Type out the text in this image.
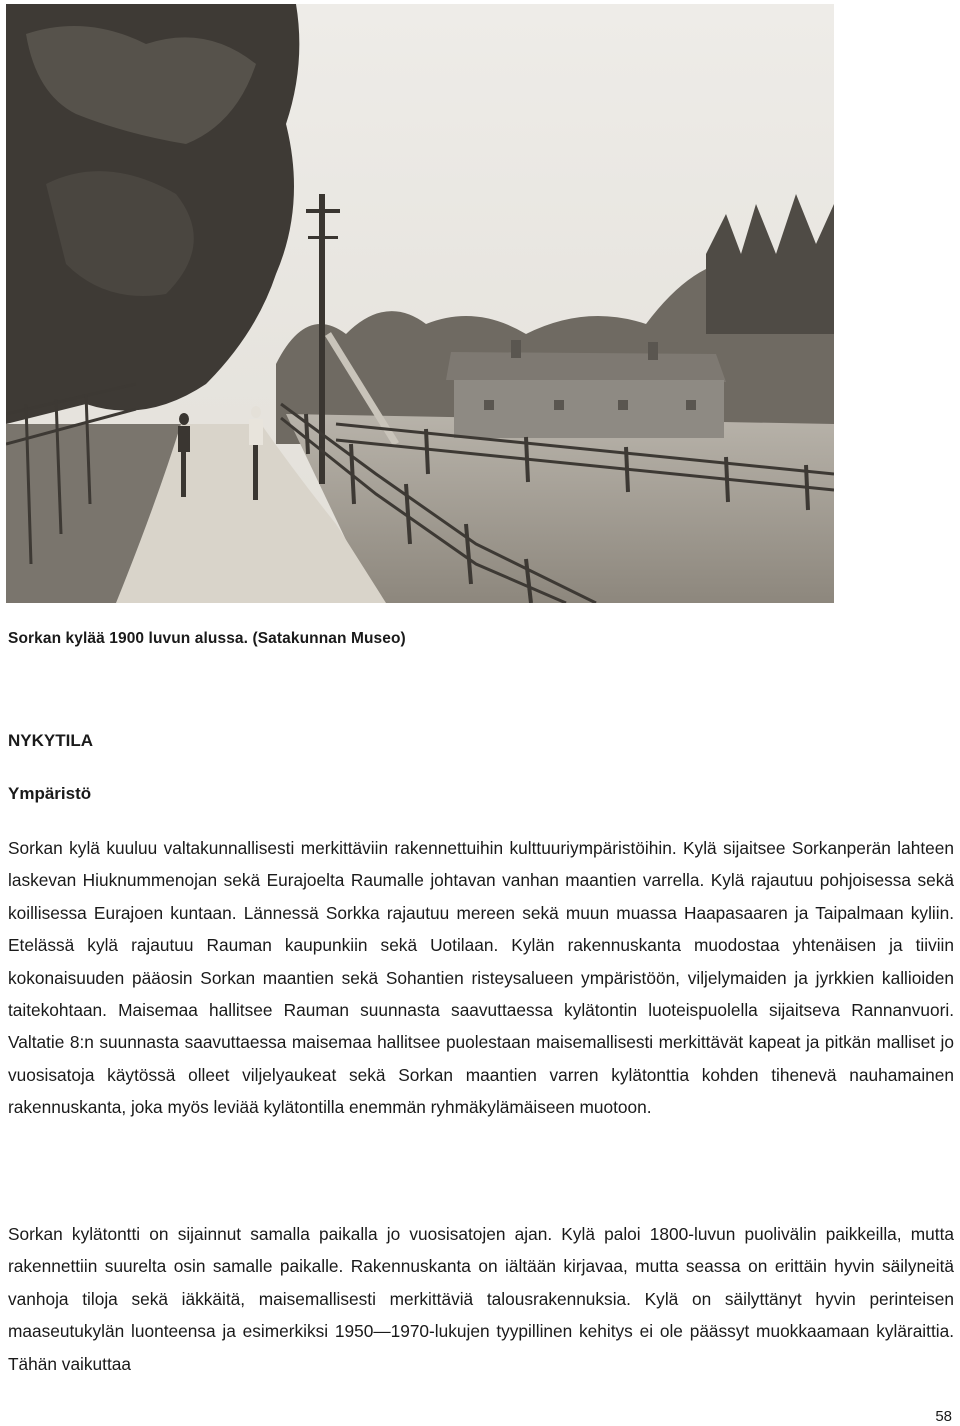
Sorkan kylää 1900 luvun alussa. (Satakunnan Museo)
NYKYTILA
Ympäristö
Sorkan kylä kuuluu valtakunnallisesti merkittäviin rakennettuihin kulttuuriympäristöihin. Kylä sijaitsee Sorkanperän lahteen laskevan Hiuknummenojan sekä Eurajoelta Raumalle johtavan vanhan maantien varrella. Kylä rajautuu pohjoisessa sekä koillisessa Eurajoen kuntaan. Lännessä Sorkka rajautuu mereen sekä muun muassa Haapasaaren ja Taipalmaan kyliin. Etelässä kylä rajautuu Rauman kaupunkiin sekä Uotilaan. Kylän rakennuskanta muodostaa yhtenäisen ja tiiviin kokonaisuuden pääosin Sorkan maantien sekä Sohantien risteysalueen ympäristöön, viljelymaiden ja jyrkkien kallioiden taitekohtaan. Maisemaa hallitsee Rauman suunnasta saavuttaessa kylätontin luoteispuolella sijaitseva Rannanvuori. Valtatie 8:n suunnasta saavuttaessa maisemaa hallitsee puolestaan maisemallisesti merkittävät kapeat ja pitkän malliset jo vuosisatoja käytössä olleet viljelyaukeat sekä Sorkan maantien varren kylätonttia kohden tihenevä nauhamainen rakennuskanta, joka myös leviää kylätontilla enemmän ryhmäkylämäiseen muotoon.
Sorkan kylätontti on sijainnut samalla paikalla jo vuosisatojen ajan. Kylä paloi 1800-luvun puolivälin paikkeilla, mutta rakennettiin suurelta osin samalle paikalle. Rakennuskanta on iältään kirjavaa, mutta seassa on erittäin hyvin säilyneitä vanhoja tiloja sekä iäkkäitä, maisemallisesti merkittäviä talousrakennuksia. Kylä on säilyttänyt hyvin perinteisen maaseutukylän luonteensa ja esimerkiksi 1950—1970-lukujen tyypillinen kehitys ei ole päässyt muokkaamaan kyläraittia. Tähän vaikuttaa
58
